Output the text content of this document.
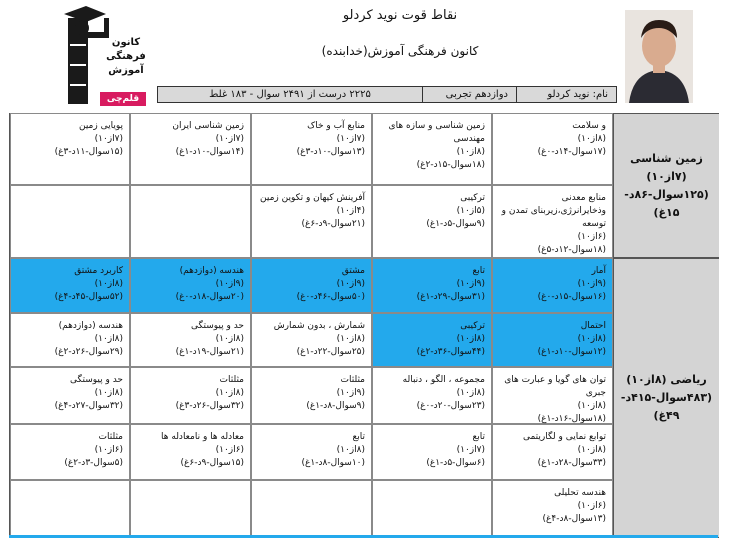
کانون
فرهنگی
آموزش
قلم‌چی
نقاط قوت نوید کردلو
کانون فرهنگی آموزش(خدابنده)
نام: نوید کردلو
دوازدهم تجربی
۲۲۲۵ درست از ۲۴۹۱ سوال - ۱۸۳ غلط
زمین شناسی (۷از۱۰) (۱۲۵سوال-۸۶د- ۱۵غ)
ریاضی (۸از۱۰) (۴۸۳سوال-۴۱۵د- ۴۹غ)
و سلامت
(۸از۱۰)
(۱۷سوال-۱۴د-۰غ)
زمین شناسی و سازه های مهندسی
(۸از۱۰)
(۱۸سوال-۱۵د-۲غ)
منابع آب و خاک
(۷از۱۰)
(۱۳سوال-۱۰د-۳غ)
زمین شناسی ایران
(۷از۱۰)
(۱۴سوال-۱۰د-۱غ)
پویایی زمین
(۷از۱۰)
(۱۵سوال-۱۱د-۳غ)
منابع معدنی وذخایرانرژی،زیربنای تمدن و توسعه
(۶از۱۰)
(۱۸سوال-۱۲د-۵غ)
ترکیبی
(۵از۱۰)
(۹سوال-۵د-۱غ)
آفرینش کیهان و تکوین زمین
(۴از۱۰)
(۲۱سوال-۹د-۶غ)
آمار
(۹از۱۰)
(۱۶سوال-۱۵د-۰غ)
تابع
(۹از۱۰)
(۳۱سوال-۲۹د-۱غ)
مشتق
(۹از۱۰)
(۵۰سوال-۴۶د-۰غ)
هندسه (دوازدهم)
(۹از۱۰)
(۲۰سوال-۱۸د-۰غ)
کاربرد مشتق
(۸از۱۰)
(۵۲سوال-۴۵د-۴غ)
احتمال
(۸از۱۰)
(۱۲سوال-۱۰د-۱غ)
ترکیبی
(۸از۱۰)
(۴۴سوال-۳۶د-۲غ)
شمارش ، بدون شمارش
(۸از۱۰)
(۲۵سوال-۲۲د-۱غ)
حد و پیوستگی
(۸از۱۰)
(۲۱سوال-۱۹د-۱غ)
هندسه (دوازدهم)
(۸از۱۰)
(۲۹سوال-۲۶د-۲غ)
توان های گویا و عبارت های جبری
(۸از۱۰)
(۱۸سوال-۱۶د-۱غ)
مجموعه ، الگو ، دنباله
(۸از۱۰)
(۲۳سوال-۲۰د-۰غ)
مثلثات
(۹از۱۰)
(۹سوال-۸د-۱غ)
مثلثات
(۸از۱۰)
(۳۲سوال-۲۶د-۳غ)
حد و پیوستگی
(۸از۱۰)
(۳۲سوال-۲۷د-۴غ)
توابع نمایی و لگاریتمی
(۸از۱۰)
(۳۳سوال-۲۸د-۱غ)
تابع
(۷از۱۰)
(۶سوال-۵د-۱غ)
تابع
(۸از۱۰)
(۱۰سوال-۸د-۱غ)
معادله ها و نامعادله ها
(۶از۱۰)
(۱۵سوال-۹د-۶غ)
مثلثات
(۶از۱۰)
(۵سوال-۳د-۲غ)
هندسه تحلیلی
(۶از۱۰)
(۱۳سوال-۸د-۴غ)
